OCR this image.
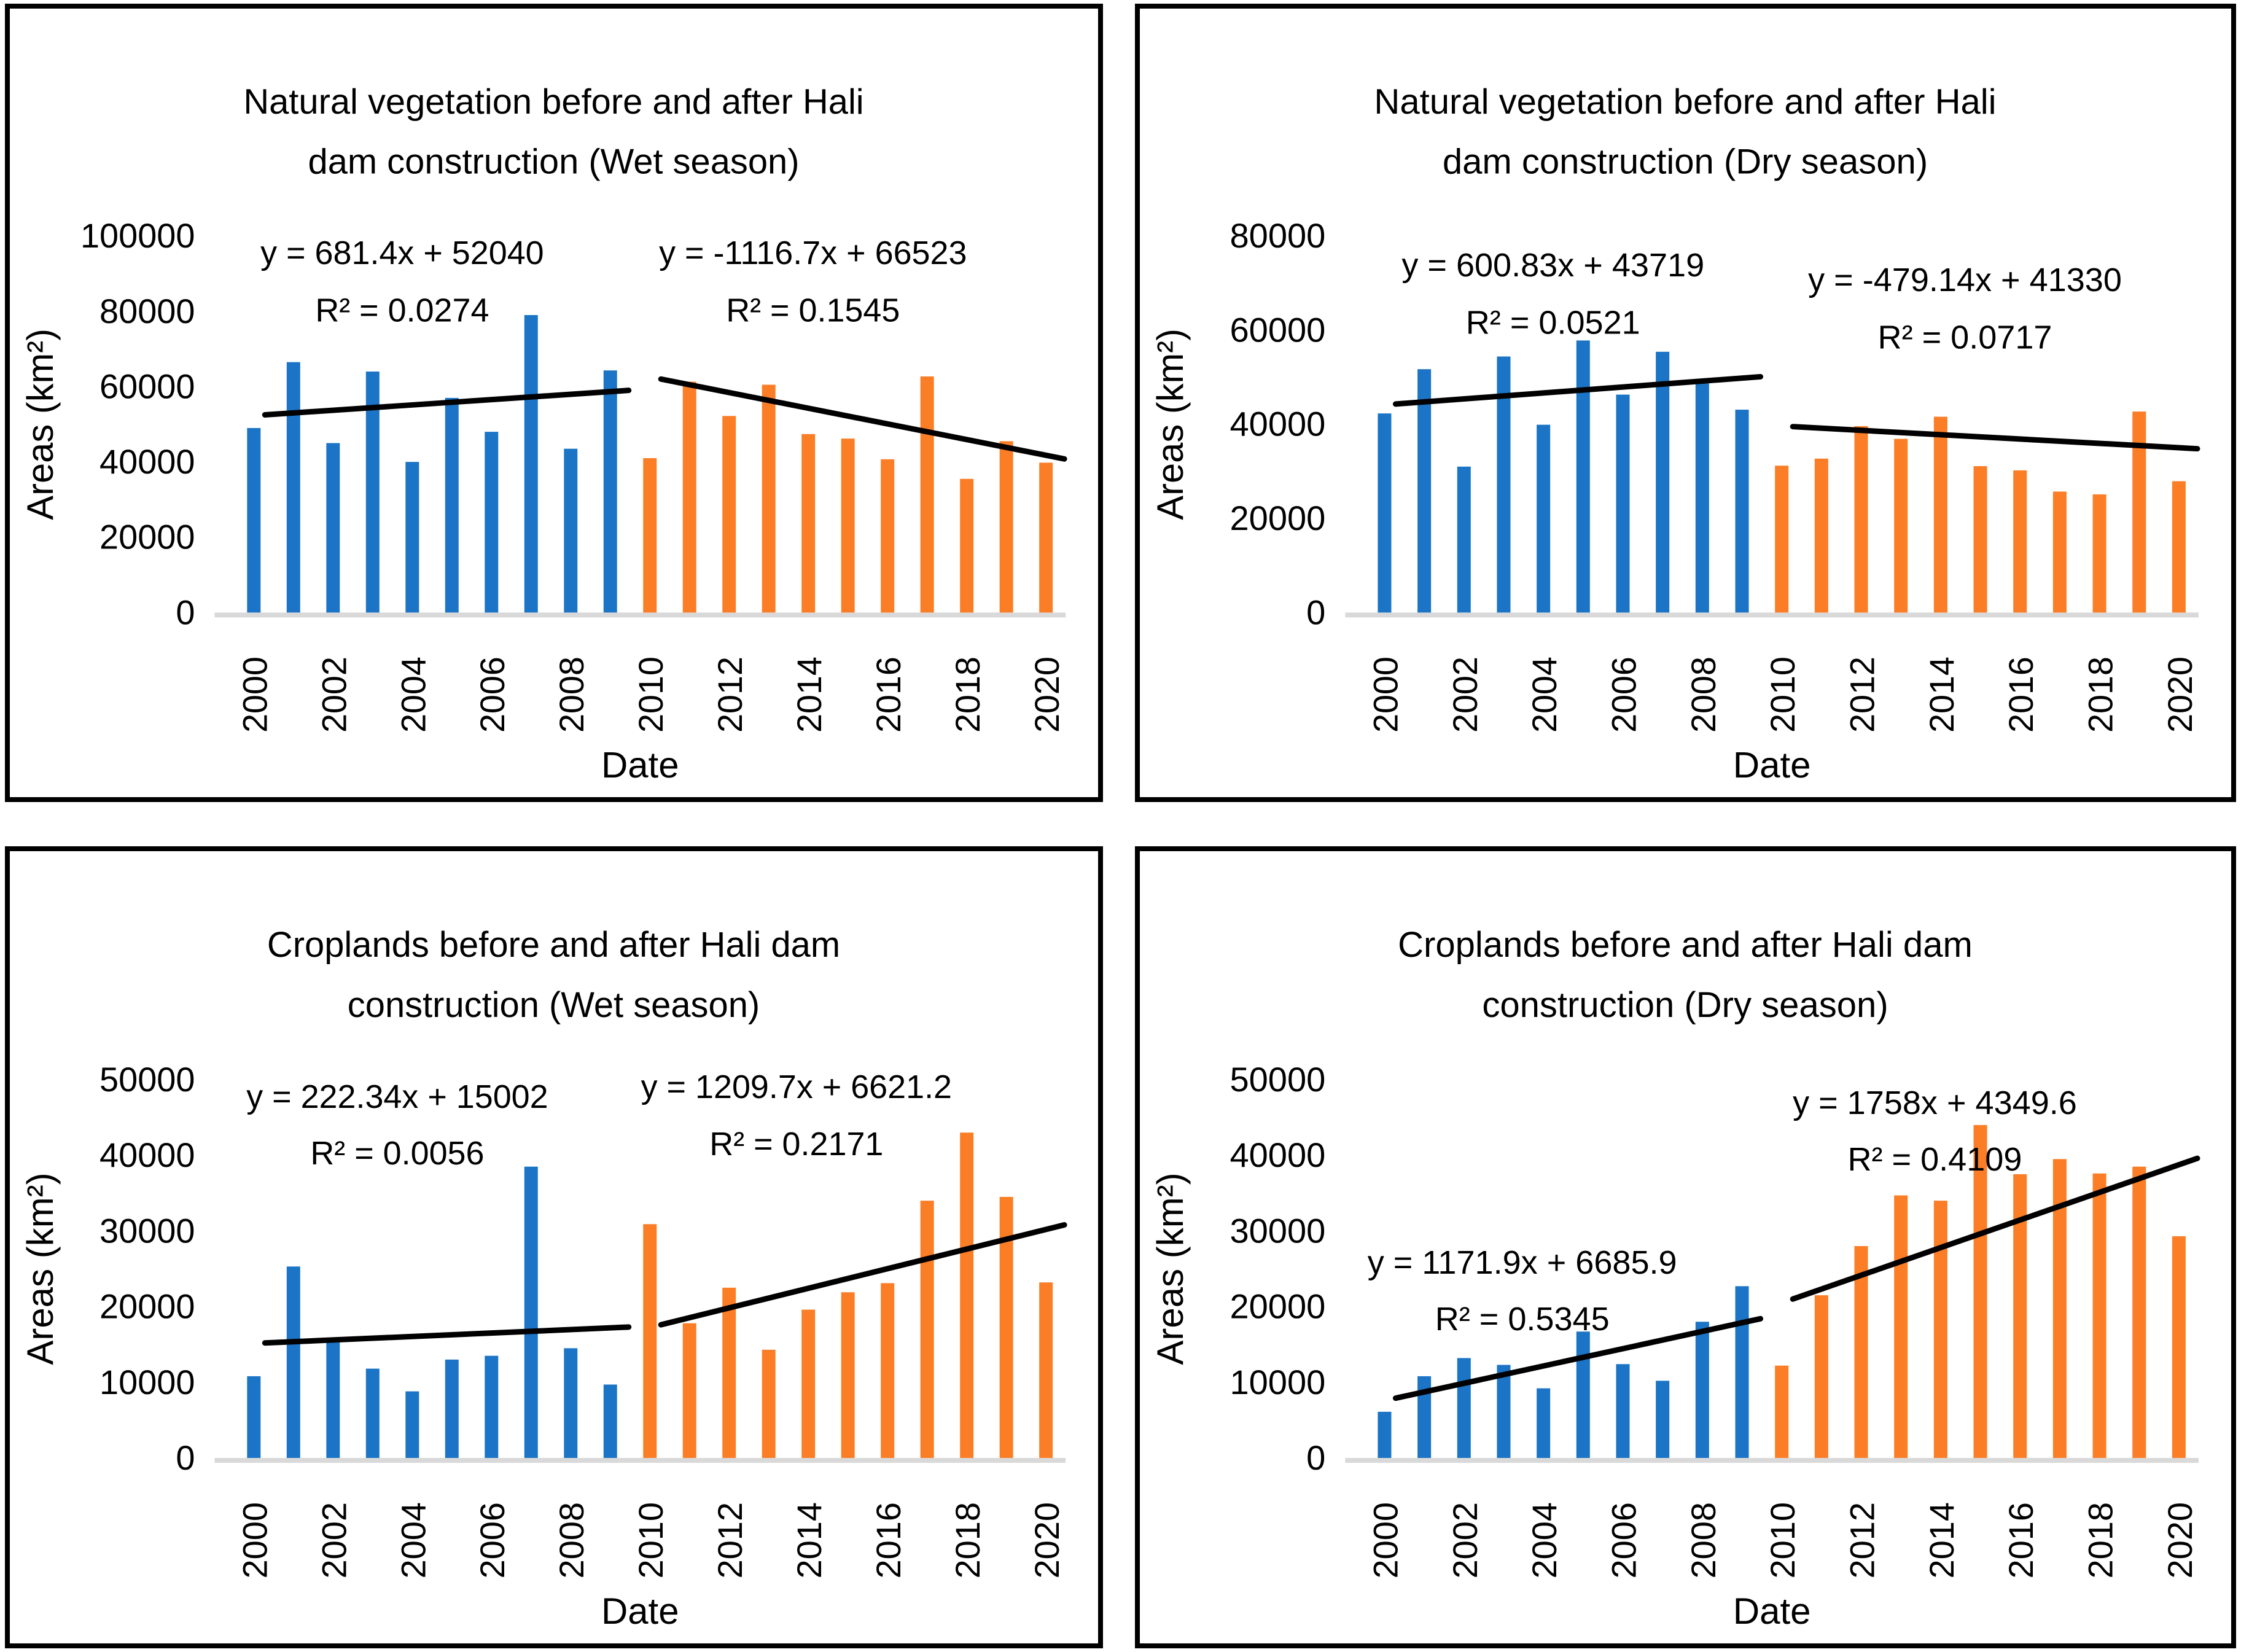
Natural vegetation before and after Hali
dam construction (Wet season)
0
20000
40000
60000
80000
100000
Areas (km²)
2000 2002 2004 2006 2008 2010 2012 2014 2016 2018 2020
Date
y = 681.4x + 52040
R² = 0.0274
y = -1116.7x + 66523
R² = 0.1545
Natural vegetation before and after Hali
dam construction (Dry season)
0
20000
40000
60000
80000
Areas (km²)
2000 2002 2004 2006 2008 2010 2012 2014 2016 2018 2020
Date
y = 600.83x + 43719
R² = 0.0521
y = -479.14x + 41330
R² = 0.0717
Croplands before and after Hali dam
construction (Wet season)
0
10000
20000
30000
40000
50000
Areas (km²)
2000 2002 2004 2006 2008 2010 2012 2014 2016 2018 2020
Date
y = 222.34x + 15002
R² = 0.0056
y = 1209.7x + 6621.2
R² = 0.2171
Croplands before and after Hali dam
construction (Dry season)
0
10000
20000
30000
40000
50000
Areas (km²)
2000 2002 2004 2006 2008 2010 2012 2014 2016 2018 2020
Date
y = 1171.9x + 6685.9
R² = 0.5345
y = 1758x + 4349.6
R² = 0.4109
